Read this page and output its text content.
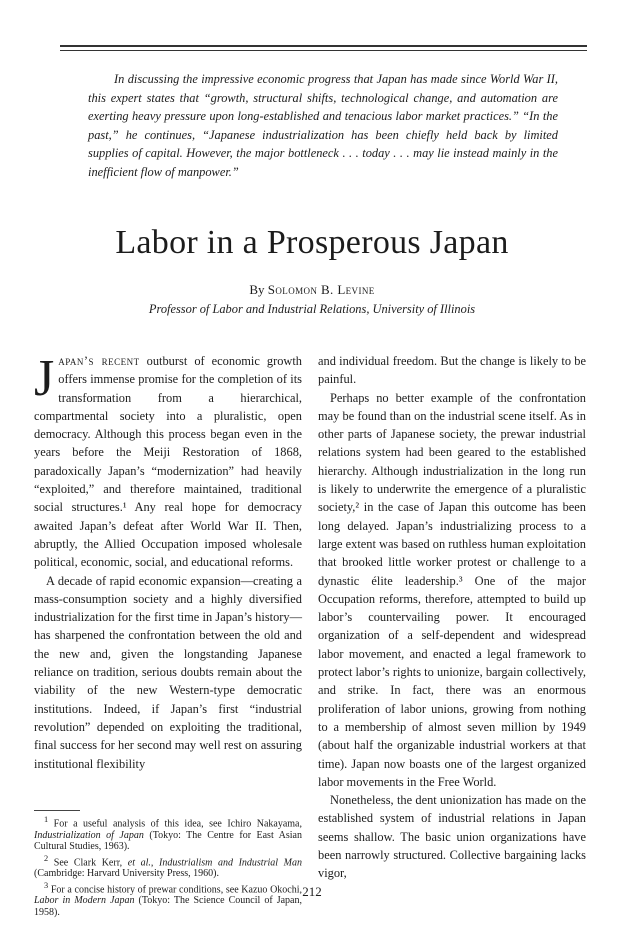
In discussing the impressive economic progress that Japan has made since World War II, this expert states that “growth, structural shifts, technological change, and automation are exerting heavy pressure upon long-established and tenacious labor market practices.” “In the past,” he continues, “Japanese industrialization has been chiefly held back by limited supplies of capital. However, the major bottleneck . . . today . . . may lie instead mainly in the inefficient flow of manpower.”

Labor in a Prosperous Japan

By Solomon B. Levine

Professor of Labor and Industrial Relations, University of Illinois

Japan’s recent outburst of economic growth offers immense promise for the completion of its transformation from a hierarchical, compartmental society into a pluralistic, open democracy. Although this process began even in the years before the Meiji Restoration of 1868, paradoxically Japan’s “modernization” had heavily “exploited,” and therefore maintained, traditional social structures.¹ Any real hope for democracy awaited Japan’s defeat after World War II. Then, abruptly, the Allied Occupation imposed wholesale political, economic, social, and educational reforms.

A decade of rapid economic expansion—creating a mass-consumption society and a highly diversified industrialization for the first time in Japan’s history—has sharpened the confrontation between the old and the new and, given the longstanding Japanese reliance on tradition, serious doubts remain about the viability of the new Western-type democratic institutions. Indeed, if Japan’s first “industrial revolution” depended on exploiting the traditional, final success for her second may well rest on assuring institutional flexibility

and individual freedom. But the change is likely to be painful.

Perhaps no better example of the confrontation may be found than on the industrial scene itself. As in other parts of Japanese society, the prewar industrial relations system had been geared to the established hierarchy. Although industrialization in the long run is likely to underwrite the emergence of a pluralistic society,² in the case of Japan this outcome has been long delayed. Japan’s industrializing process to a large extent was based on ruthless human exploitation that brooked little worker protest or challenge to a dynastic élite leadership.³ One of the major Occupation reforms, therefore, attempted to build up labor’s countervailing power. It encouraged organization of a self-dependent and widespread labor movement, and enacted a legal framework to protect labor’s rights to unionize, bargain collectively, and strike. In fact, there was an enormous proliferation of labor unions, growing from nothing to a membership of almost seven million by 1949 (about half the organizable industrial workers at that time). Japan now boasts one of the largest organized labor movements in the Free World.

Nonetheless, the dent unionization has made on the established system of industrial relations in Japan seems shallow. The basic union organizations have been narrowly structured. Collective bargaining lacks vigor,

$^1$ For a useful analysis of this idea, see Ichiro Nakayama, Industrialization of Japan (Tokyo: The Centre for East Asian Cultural Studies, 1963).

$^2$ See Clark Kerr, et al., Industrialism and Industrial Man (Cambridge: Harvard University Press, 1960).

$^3$ For a concise history of prewar conditions, see Kazuo Okochi, Labor in Modern Japan (Tokyo: The Science Council of Japan, 1958).

212
